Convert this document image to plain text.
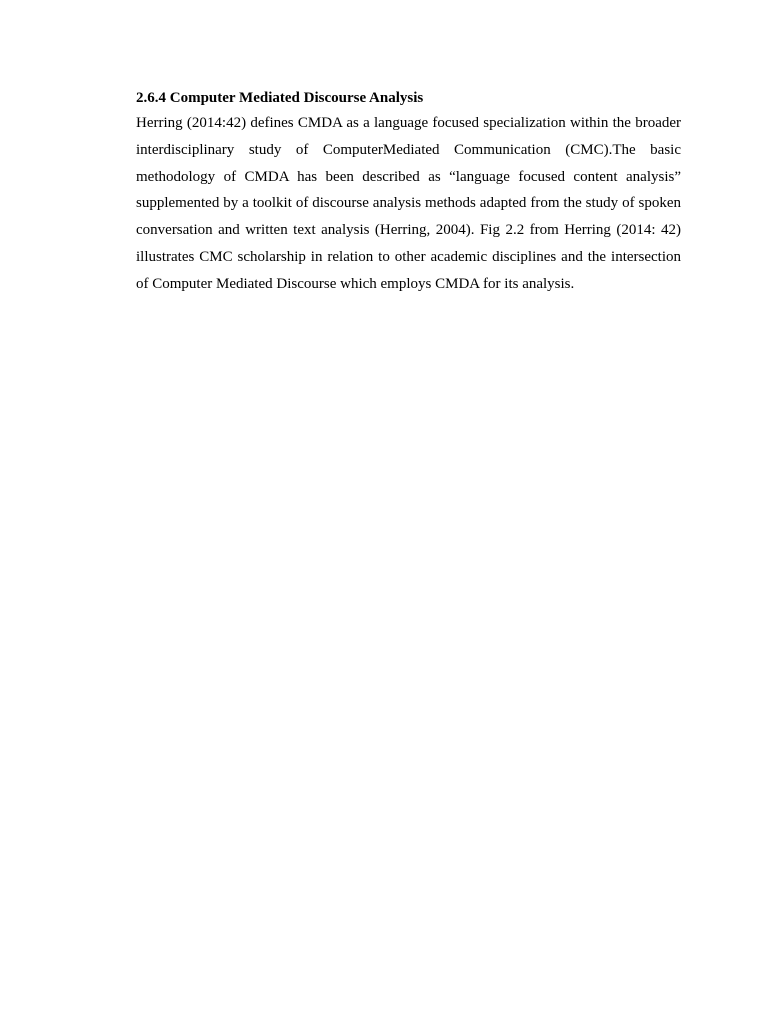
2.6.4 Computer Mediated Discourse Analysis

Herring (2014:42) defines CMDA as a language focused specialization within the broader interdisciplinary study of ComputerMediated Communication (CMC).The basic methodology of CMDA has been described as “language focused content analysis” supplemented by a toolkit of discourse analysis methods adapted from the study of spoken conversation and written text analysis (Herring, 2004). Fig 2.2 from Herring (2014: 42) illustrates CMC scholarship in relation to other academic disciplines and the intersection of Computer Mediated Discourse which employs CMDA for its analysis.
